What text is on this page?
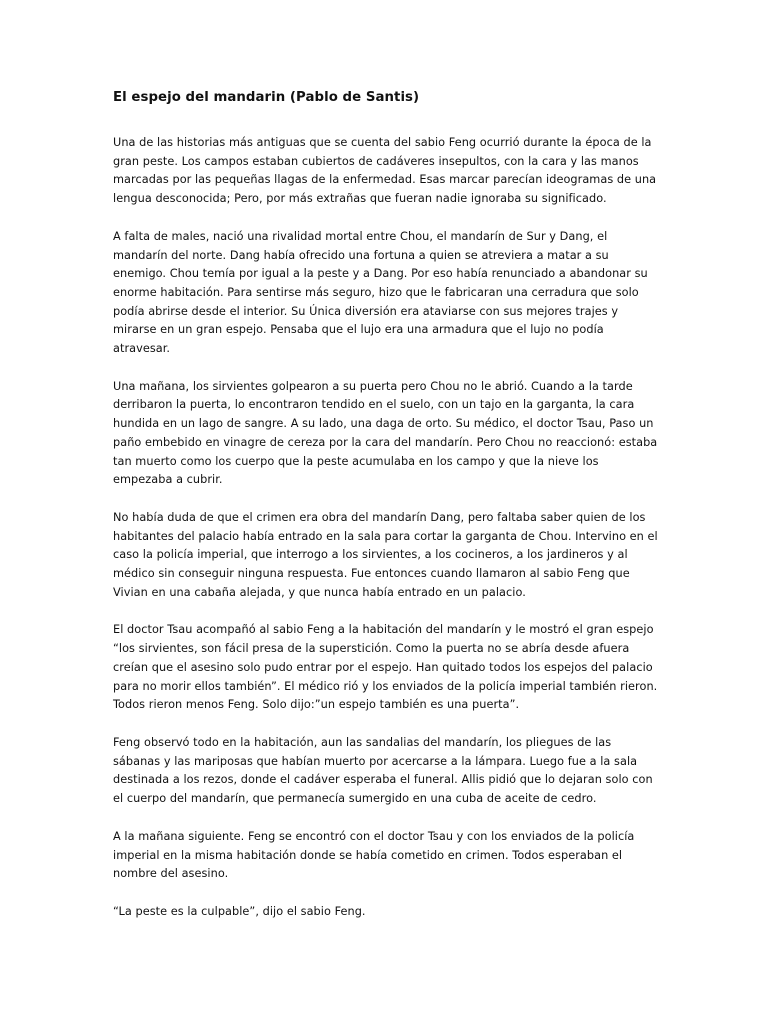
El espejo del mandarin (Pablo de Santis)

Una de las historias más antiguas que se cuenta del sabio Feng ocurrió durante la época de la gran peste. Los campos estaban cubiertos de cadáveres insepultos, con la cara y las manos marcadas por las pequeñas llagas de la enfermedad. Esas marcar parecían ideogramas de una lengua desconocida; Pero, por más extrañas que fueran nadie ignoraba su significado.

A falta de males, nació una rivalidad mortal entre Chou, el mandarín de Sur y Dang, el mandarín del norte. Dang había ofrecido una fortuna a quien se atreviera a matar a su enemigo. Chou temía por igual a la peste y a Dang. Por eso había renunciado a abandonar su enorme habitación. Para sentirse más seguro, hizo que le fabricaran una cerradura que solo podía abrirse desde el interior. Su Única diversión era ataviarse con sus mejores trajes y mirarse en un gran espejo. Pensaba que el lujo era una armadura que el lujo no podía atravesar.

Una mañana, los sirvientes golpearon a su puerta pero Chou no le abrió. Cuando a la tarde derribaron la puerta, lo encontraron tendido en el suelo, con un tajo en la garganta, la cara hundida en un lago de sangre. A su lado, una daga de orto. Su médico, el doctor Tsau, Paso un paño embebido en vinagre de cereza por la cara del mandarín. Pero Chou no reaccionó: estaba tan muerto como los cuerpo que la peste acumulaba en los campo y que la nieve los empezaba a cubrir.

No había duda de que el crimen era obra del mandarín Dang, pero faltaba saber quien de los habitantes del palacio había entrado en la sala para cortar la garganta de Chou. Intervino en el caso la policía imperial, que interrogo a los sirvientes, a los cocineros, a los jardineros y al médico sin conseguir ninguna respuesta. Fue entonces cuando llamaron al sabio Feng que Vivian en una cabaña alejada, y que nunca había entrado en un palacio.

El doctor Tsau acompañó al sabio Feng a la habitación del mandarín y le mostró el gran espejo “los sirvientes, son fácil presa de la superstición. Como la puerta no se abría desde afuera creían que el asesino solo pudo entrar por el espejo. Han quitado todos los espejos del palacio para no morir ellos también”. El médico rió y los enviados de la policía imperial también rieron. Todos rieron menos Feng. Solo dijo:”un espejo también es una puerta”.

Feng observó todo en la habitación, aun las sandalias del mandarín, los pliegues de las sábanas y las mariposas que habían muerto por acercarse a la lámpara. Luego fue a la sala destinada a los rezos, donde el cadáver esperaba el funeral. Allis pidió que lo dejaran solo con el cuerpo del mandarín, que permanecía sumergido en una cuba de aceite de cedro.

A la mañana siguiente. Feng se encontró con el doctor Tsau y con los enviados de la policía imperial en la misma habitación donde se había cometido en crimen. Todos esperaban el nombre del asesino.

“La peste es la culpable”, dijo el sabio Feng.
